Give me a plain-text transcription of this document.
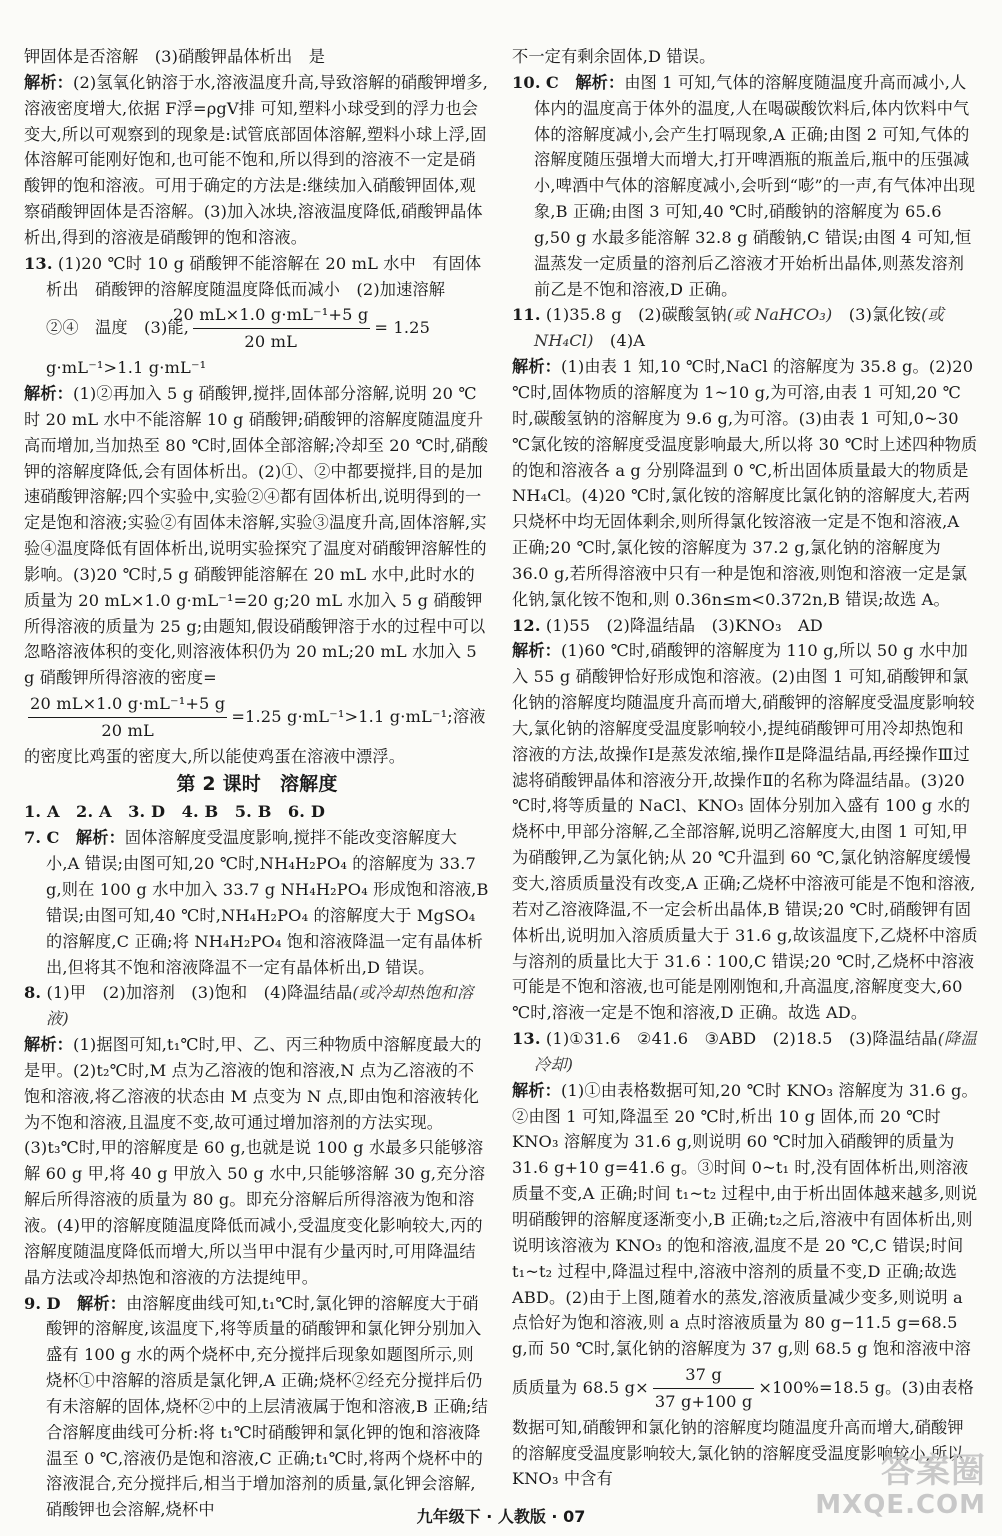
钾固体是否溶解　(3)硝酸钾晶体析出　是

解析：(2)氢氧化钠溶于水,溶液温度升高,导致溶解的硝酸钾增多,溶液密度增大,依据 F浮=ρgV排 可知,塑料小球受到的浮力也会变大,所以可观察到的现象是:试管底部固体溶解,塑料小球上浮,固体溶解可能刚好饱和,也可能不饱和,所以得到的溶液不一定是硝酸钾的饱和溶液。可用于确定的方法是:继续加入硝酸钾固体,观察硝酸钾固体是否溶解。(3)加入冰块,溶液温度降低,硝酸钾晶体析出,得到的溶液是硝酸钾的饱和溶液。

13. (1)20 ℃时 10 g 硝酸钾不能溶解在 20 mL 水中　有固体析出　硝酸钾的溶解度随温度降低而减小　(2)加速溶解　②④　温度　(3)能, $\frac{\text{20 mL×1.0 g·mL⁻¹+5 g}}{20 mL} = 1.25$ g·mL⁻¹>1.1 g·mL⁻¹

解析：(1)②再加入 5 g 硝酸钾,搅拌,固体部分溶解,说明 20 ℃时 20 mL 水中不能溶解 10 g 硝酸钾;硝酸钾的溶解度随温度升高而增加,当加热至 80 ℃时,固体全部溶解;冷却至 20 ℃时,硝酸钾的溶解度降低,会有固体析出。(2)①、②中都要搅拌,目的是加速硝酸钾溶解;四个实验中,实验②④都有固体析出,说明得到的一定是饱和溶液;实验②有固体未溶解,实验③温度升高,固体溶解,实验④温度降低有固体析出,说明实验探究了温度对硝酸钾溶解性的影响。(3)20 ℃时,5 g 硝酸钾能溶解在 20 mL 水中,此时水的质量为 20 mL×1.0 g·mL⁻¹=20 g;20 mL 水加入 5 g 硝酸钾所得溶液的质量为 25 g;由题知,假设硝酸钾溶于水的过程中可以忽略溶液体积的变化,则溶液体积仍为 20 mL;20 mL 水加入 5 g 硝酸钾所得溶液的密度=

$\frac{\text{20 mL×1.0 g·mL⁻¹+5 g}}{20 mL} =1.25$ g·mL⁻¹>1.1 g·mL⁻¹;溶液的密度比鸡蛋的密度大,所以能使鸡蛋在溶液中漂浮。

第 2 课时　溶解度

1. A　2. A　3. D　4. B　5. B　6. D

7. C　 解析：固体溶解度受温度影响,搅拌不能改变溶解度大小,A 错误;由图可知,20 ℃时,NH₄H₂PO₄ 的溶解度为 33.7 g,则在 100 g 水中加入 33.7 g NH₄H₂PO₄ 形成饱和溶液,B 错误;由图可知,40 ℃时,NH₄H₂PO₄ 的溶解度大于 MgSO₄ 的溶解度,C 正确;将 NH₄H₂PO₄ 饱和溶液降温一定有晶体析出,但将其不饱和溶液降温不一定有晶体析出,D 错误。

8. (1)甲　(2)加溶剂　(3)饱和　(4)降温结晶(或冷却热饱和溶液)

解析：(1)据图可知,t₁℃时,甲、乙、丙三种物质中溶解度最大的是甲。(2)t₂℃时,M 点为乙溶液的饱和溶液,N 点为乙溶液的不饱和溶液,将乙溶液的状态由 M 点变为 N 点,即由饱和溶液转化为不饱和溶液,且温度不变,故可通过增加溶剂的方法实现。(3)t₃℃时,甲的溶解度是 60 g,也就是说 100 g 水最多只能够溶解 60 g 甲,将 40 g 甲放入 50 g 水中,只能够溶解 30 g,充分溶解后所得溶液的质量为 80 g。即充分溶解后所得溶液为饱和溶液。(4)甲的溶解度随温度降低而减小,受温度变化影响较大,丙的溶解度随温度降低而增大,所以当甲中混有少量丙时,可用降温结晶方法或冷却热饱和溶液的方法提纯甲。

9. D　 解析：由溶解度曲线可知,t₁℃时,氯化钾的溶解度大于硝酸钾的溶解度,该温度下,将等质量的硝酸钾和氯化钾分别加入盛有 100 g 水的两个烧杯中,充分搅拌后现象如题图所示,则烧杯①中溶解的溶质是氯化钾,A 正确;烧杯②经充分搅拌后仍有未溶解的固体,烧杯②中的上层清液属于饱和溶液,B 正确;结合溶解度曲线可分析:将 t₁℃时硝酸钾和氯化钾的饱和溶液降温至 0 ℃,溶液仍是饱和溶液,C 正确;t₁℃时,将两个烧杯中的溶液混合,充分搅拌后,相当于增加溶剂的质量,氯化钾会溶解,硝酸钾也会溶解,烧杯中

不一定有剩余固体,D 错误。

10. C　 解析：由图 1 可知,气体的溶解度随温度升高而减小,人体内的温度高于体外的温度,人在喝碳酸饮料后,体内饮料中气体的溶解度减小,会产生打嗝现象,A 正确;由图 2 可知,气体的溶解度随压强增大而增大,打开啤酒瓶的瓶盖后,瓶中的压强减小,啤酒中气体的溶解度减小,会听到“嘭”的一声,有气体冲出现象,B 正确;由图 3 可知,40 ℃时,硝酸钠的溶解度为 65.6 g,50 g 水最多能溶解 32.8 g 硝酸钠,C 错误;由图 4 可知,恒温蒸发一定质量的溶剂后乙溶液才开始析出晶体,则蒸发溶剂前乙是不饱和溶液,D 正确。

11. (1)35.8 g　(2)碳酸氢钠(或 NaHCO₃)　 (3)氯化铵(或 NH₄Cl)　 (4)A

解析：(1)由表 1 知,10 ℃时,NaCl 的溶解度为 35.8 g。(2)20 ℃时,固体物质的溶解度为 1~10 g,为可溶,由表 1 可知,20 ℃时,碳酸氢钠的溶解度为 9.6 g,为可溶。(3)由表 1 可知,0~30 ℃氯化铵的溶解度受温度影响最大,所以将 30 ℃时上述四种物质的饱和溶液各 a g 分别降温到 0 ℃,析出固体质量最大的物质是 NH₄Cl。(4)20 ℃时,氯化铵的溶解度比氯化钠的溶解度大,若两只烧杯中均无固体剩余,则所得氯化铵溶液一定是不饱和溶液,A 正确;20 ℃时,氯化铵的溶解度为 37.2 g,氯化钠的溶解度为 36.0 g,若所得溶液中只有一种是饱和溶液,则饱和溶液一定是氯化钠,氯化铵不饱和,则 0.36n≤m<0.372n,B 错误;故选 A。

12. (1)55　(2)降温结晶　(3)KNO₃　AD

解析：(1)60 ℃时,硝酸钾的溶解度为 110 g,所以 50 g 水中加入 55 g 硝酸钾恰好形成饱和溶液。(2)由图 1 可知,硝酸钾和氯化钠的溶解度均随温度升高而增大,硝酸钾的溶解度受温度影响较大,氯化钠的溶解度受温度影响较小,提纯硝酸钾可用冷却热饱和溶液的方法,故操作Ⅰ是蒸发浓缩,操作Ⅱ是降温结晶,再经操作Ⅲ过滤将硝酸钾晶体和溶液分开,故操作Ⅱ的名称为降温结晶。(3)20 ℃时,将等质量的 NaCl、KNO₃ 固体分别加入盛有 100 g 水的烧杯中,甲部分溶解,乙全部溶解,说明乙溶解度大,由图 1 可知,甲为硝酸钾,乙为氯化钠;从 20 ℃升温到 60 ℃,氯化钠溶解度缓慢变大,溶质质量没有改变,A 正确;乙烧杯中溶液可能是不饱和溶液,若对乙溶液降温,不一定会析出晶体,B 错误;20 ℃时,硝酸钾有固体析出,说明加入溶质质量大于 31.6 g,故该温度下,乙烧杯中溶质与溶剂的质量比大于 31.6∶100,C 错误;20 ℃时,乙烧杯中溶液可能是不饱和溶液,也可能是刚刚饱和,升高温度,溶解度变大,60 ℃时,溶液一定是不饱和溶液,D 正确。故选 AD。

13. (1)①31.6　②41.6　③ABD　(2)18.5　(3)降温结晶(降温冷却)

解析：(1)①由表格数据可知,20 ℃时 KNO₃ 溶解度为 31.6 g。②由图 1 可知,降温至 20 ℃时,析出 10 g 固体,而 20 ℃时 KNO₃ 溶解度为 31.6 g,则说明 60 ℃时加入硝酸钾的质量为 31.6 g+10 g=41.6 g。③时间 0~t₁ 时,没有固体析出,则溶液质量不变,A 正确;时间 t₁~t₂ 过程中,由于析出固体越来越多,则说明硝酸钾的溶解度逐渐变小,B 正确;t₂之后,溶液中有固体析出,则说明该溶液为 KNO₃ 的饱和溶液,温度不是 20 ℃,C 错误;时间 t₁~t₂ 过程中,降温过程中,溶液中溶剂的质量不变,D 正确;故选 ABD。(2)由于上图,随着水的蒸发,溶液质量减少变多,则说明 a 点恰好为饱和溶液,则 a 点时溶液质量为 80 g−11.5 g=68.5 g,而 50 ℃时,氯化钠的溶解度为 37 g,则 68.5 g 饱和溶液中溶质质量为 68.5 $g\times \frac{37 g}{37 g+100 g} \times 100\%=18.5$ g。(3)由表格数据可知,硝酸钾和氯化钠的溶解度均随温度升高而增大,硝酸钾的溶解度受温度影响较大,氯化钠的溶解度受温度影响较小,所以 KNO₃ 中含有

九年级下 · 人教版 · 07
答案圈
MXQE.COM
